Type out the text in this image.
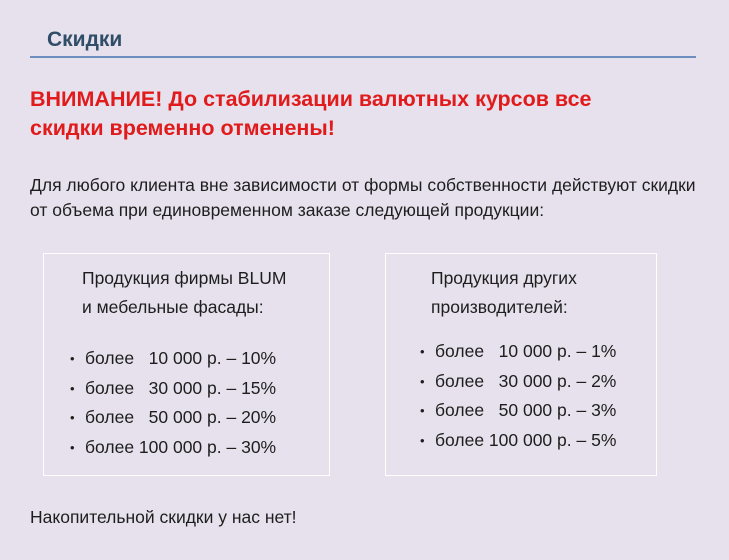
Скидки
ВНИМАНИЕ! До стабилизации валютных курсов все скидки временно отменены!
Для любого клиента вне зависимости от формы собственности действуют скидки от объема при единовременном заказе следующей продукции:
Продукция фирмы BLUM
и мебельные фасады:
• более   10 000 р. – 10%
• более   30 000 р. – 15%
• более   50 000 р. – 20%
• более 100 000 р. – 30%
Продукция других
производителей:
• более   10 000 р. – 1%
• более   30 000 р. – 2%
• более   50 000 р. – 3%
• более 100 000 р. – 5%
Накопительной скидки у нас нет!
